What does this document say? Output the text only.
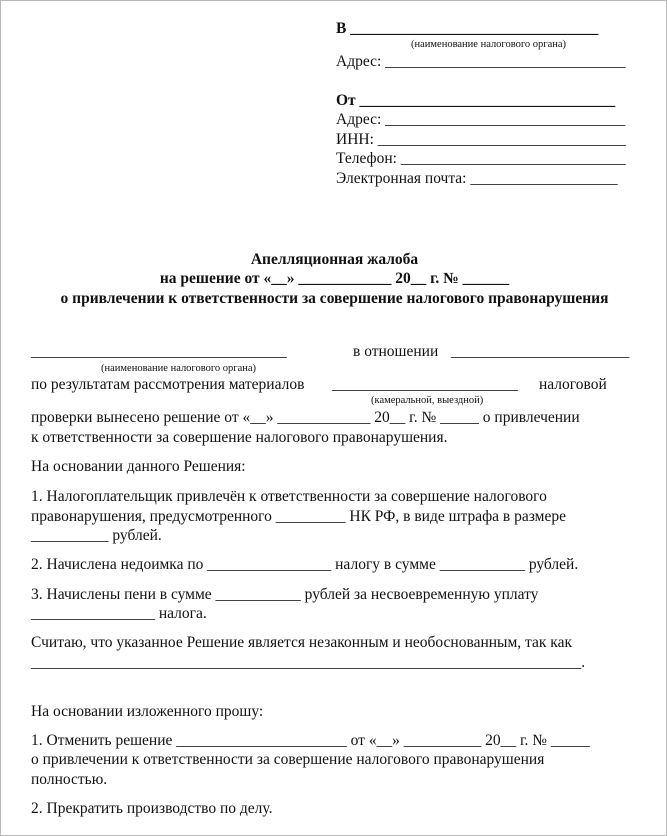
В ________________________________
(наименование налогового органа)
Адрес: _______________________________
От _________________________________
Адрес: _______________________________
ИНН: ________________________________
Телефон: _____________________________
Электронная почта: ___________________
Апелляционная жалоба
на решение от «__» ____________ 20__ г. № ______
о привлечении к ответственности за совершение налогового правонарушения
_________________________________	в отношении _______________________
(наименование налогового органа)
по результатам рассмотрения материалов ________________________ налоговой
(камеральной, выездной)
проверки вынесено решение от «__» ____________ 20__ г. № _____ о привлечении
к ответственности за совершение налогового правонарушения.
На основании данного Решения:
1. Налогоплательщик привлечён к ответственности за совершение налогового
правонарушения, предусмотренного _________ НК РФ, в виде штрафа в размере
__________ рублей.
2. Начислена недоимка по ________________ налогу в сумме ___________ рублей.
3. Начислены пени в сумме ___________ рублей за несвоевременную уплату
________________ налога.
Считаю, что указанное Решение является незаконным и необоснованным, так как
_______________________________________________________________________.
На основании изложенного прошу:
1. Отменить решение ______________________ от «__» __________ 20__ г. № _____
о привлечении к ответственности за совершение налогового правонарушения
полностью.
2. Прекратить производство по делу.
